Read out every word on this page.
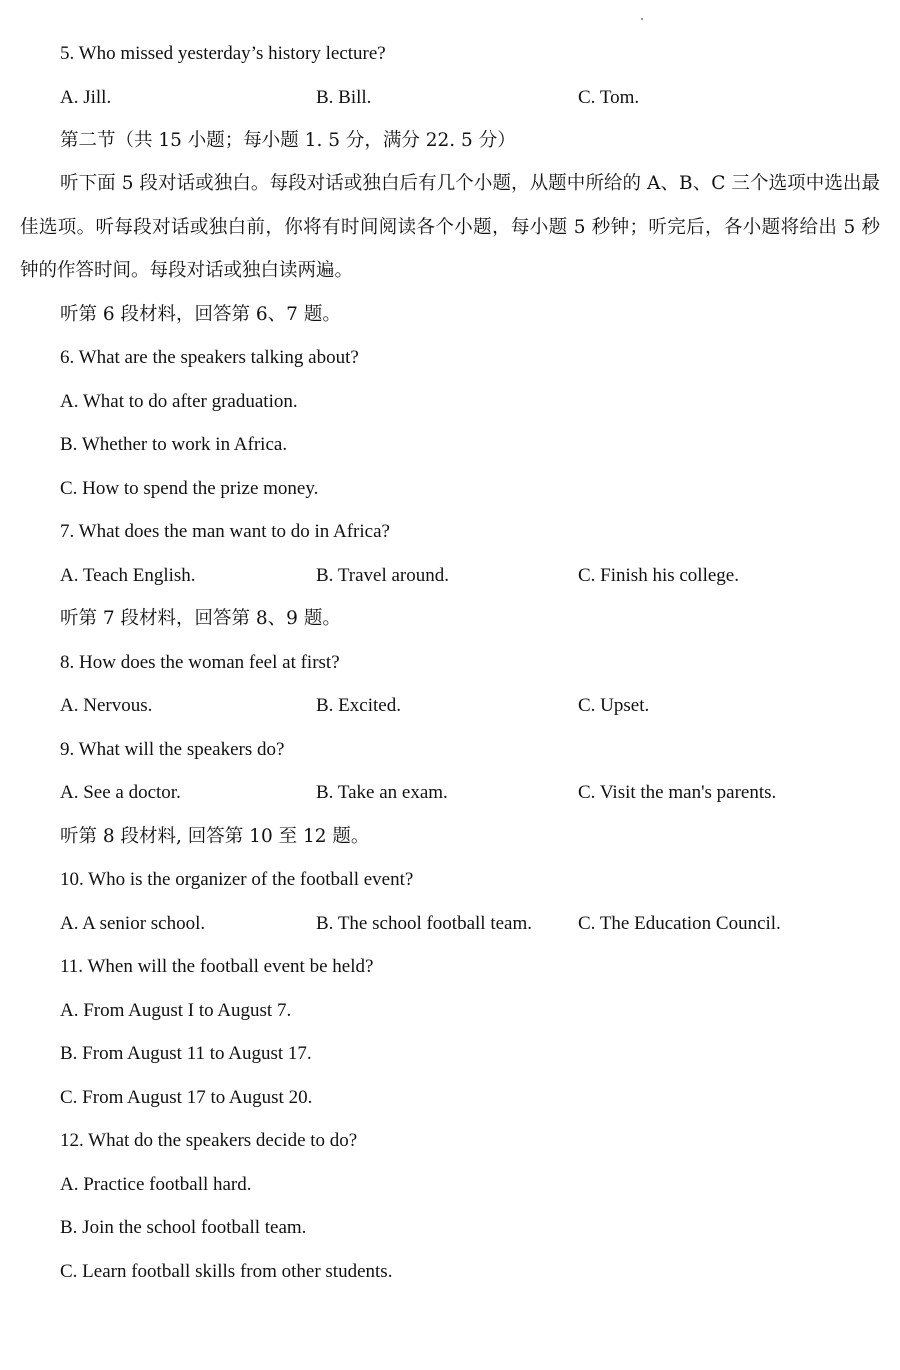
5. Who missed yesterday’s history lecture?
A. Jill.	B. Bill.	C. Tom.
第二节（共 15 小题；每小题 1. 5 分，满分 22. 5 分）
听下面 5 段对话或独白。每段对话或独白后有几个小题，从题中所给的 A、B、C 三个选项中选出最佳选项。听每段对话或独白前，你将有时间阅读各个小题，每小题 5 秒钟；听完后，各小题将给出 5 秒钟的作答时间。每段对话或独白读两遍。
听第 6 段材料，回答第 6、7 题。
6. What are the speakers talking about?
A. What to do after graduation.
B. Whether to work in Africa.
C. How to spend the prize money.
7. What does the man want to do in Africa?
A. Teach English.	B. Travel around.	C. Finish his college.
听第 7 段材料，回答第 8、9 题。
8. How does the woman feel at first?
A. Nervous.	B. Excited.	C. Upset.
9. What will the speakers do?
A. See a doctor.	B. Take an exam.	C. Visit the man's parents.
听第 8 段材料, 回答第 10 至 12 题。
10. Who is the organizer of the football event?
A. A senior school.	B. The school football team. C. The Education Council.
11. When will the football event be held?
A. From August I to August 7.
B. From August 11 to August 17.
C. From August 17 to August 20.
12. What do the speakers decide to do?
A. Practice football hard.
B. Join the school football team.
C. Learn football skills from other students.
